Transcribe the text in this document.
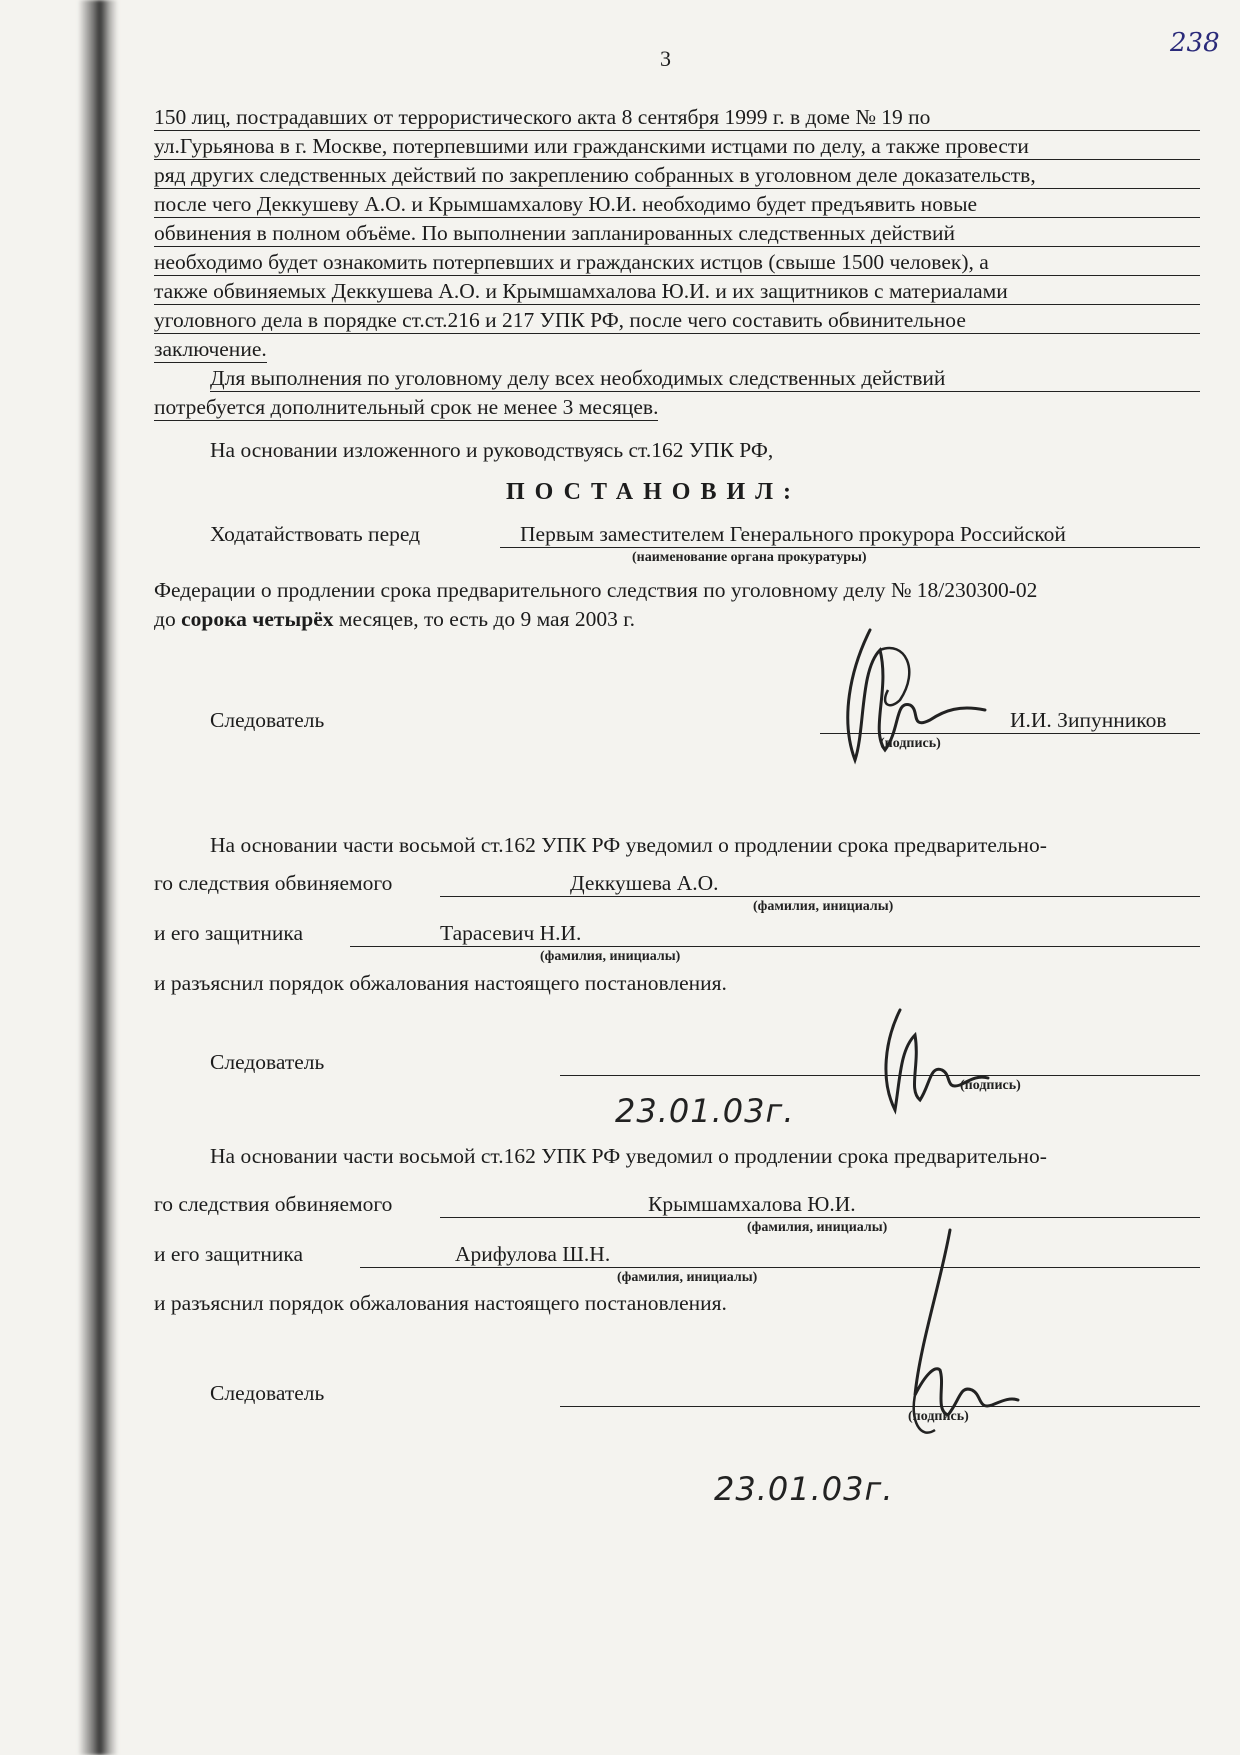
3
238
150 лиц, пострадавших от террористического акта 8 сентября 1999 г. в доме № 19 по
ул.Гурьянова в г. Москве, потерпевшими или гражданскими истцами по делу, а также провести
ряд других следственных действий по закреплению собранных в уголовном деле доказательств,
после чего Деккушеву А.О. и Крымшамхалову Ю.И. необходимо будет предъявить новые
обвинения в полном объёме. По выполнении запланированных следственных действий
необходимо будет ознакомить потерпевших и гражданских истцов (свыше 1500 человек), а
также обвиняемых Деккушева А.О. и Крымшамхалова Ю.И. и их защитников с материалами
уголовного дела в порядке ст.ст.216 и 217 УПК РФ, после чего составить обвинительное
заключение.
Для выполнения по уголовному делу всех необходимых следственных действий
потребуется дополнительный срок не менее 3 месяцев.
На основании изложенного и руководствуясь ст.162 УПК РФ,
ПОСТАНОВИЛ:
Ходатайствовать перед	Первым заместителем Генерального прокурора Российской
(наименование органа прокуратуры)
Федерации о продлении срока предварительного следствия по уголовному делу № 18/230300-02
до сорока четырёх месяцев, то есть до 9 мая 2003 г.
Следователь	И.И. Зипунников
(подпись)
На основании части восьмой ст.162 УПК РФ уведомил о продлении срока предварительно-
го следствия обвиняемого	Деккушева А.О.
(фамилия, инициалы)
и его защитника	Тарасевич Н.И.
(фамилия, инициалы)
и разъяснил порядок обжалования настоящего постановления.
Следователь
(подпись)
23.01.03г.
На основании части восьмой ст.162 УПК РФ уведомил о продлении срока предварительно-
го следствия обвиняемого	Крымшамхалова Ю.И.
(фамилия, инициалы)
и его защитника	Арифулова Ш.Н.
(фамилия, инициалы)
и разъяснил порядок обжалования настоящего постановления.
Следователь
(подпись)
23.01.03г.
